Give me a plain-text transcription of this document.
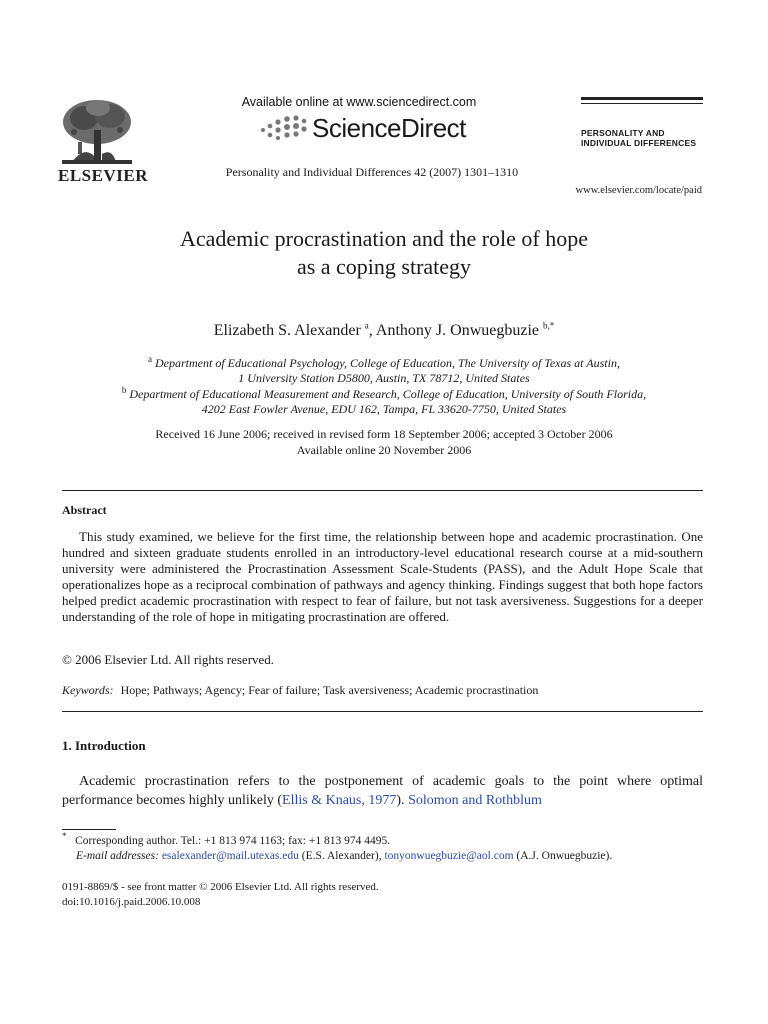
ELSEVIER
Available online at www.sciencedirect.com
ScienceDirect
Personality and Individual Differences 42 (2007) 1301–1310
PERSONALITY AND
INDIVIDUAL DIFFERENCES
www.elsevier.com/locate/paid
Academic procrastination and the role of hope
as a coping strategy
Elizabeth S. Alexander $^a$, Anthony J. Onwuegbuzie $^{b,*}$
$^a$ Department of Educational Psychology, College of Education, The University of Texas at Austin,
1 University Station D5800, Austin, TX 78712, United States
$^b$ Department of Educational Measurement and Research, College of Education, University of South Florida,
4202 East Fowler Avenue, EDU 162, Tampa, FL 33620-7750, United States
Received 16 June 2006; received in revised form 18 September 2006; accepted 3 October 2006
Available online 20 November 2006
Abstract
This study examined, we believe for the first time, the relationship between hope and academic procrastination. One hundred and sixteen graduate students enrolled in an introductory-level educational research course at a mid-southern university were administered the Procrastination Assessment Scale-Students (PASS), and the Adult Hope Scale that operationalizes hope as a reciprocal combination of pathways and agency thinking. Findings suggest that both hope factors helped predict academic procrastination with respect to fear of failure, but not task aversiveness. Suggestions for a deeper understanding of the role of hope in mitigating procrastination are offered.
© 2006 Elsevier Ltd. All rights reserved.
Keywords: Hope; Pathways; Agency; Fear of failure; Task aversiveness; Academic procrastination
1. Introduction
Academic procrastination refers to the postponement of academic goals to the point where optimal performance becomes highly unlikely (Ellis & Knaus, 1977). Solomon and Rothblum
* Corresponding author. Tel.: +1 813 974 1163; fax: +1 813 974 4495.
E-mail addresses: esalexander@mail.utexas.edu (E.S. Alexander), tonyonwuegbuzie@aol.com (A.J. Onwuegbuzie).
0191-8869/$ - see front matter © 2006 Elsevier Ltd. All rights reserved.
doi:10.1016/j.paid.2006.10.008
